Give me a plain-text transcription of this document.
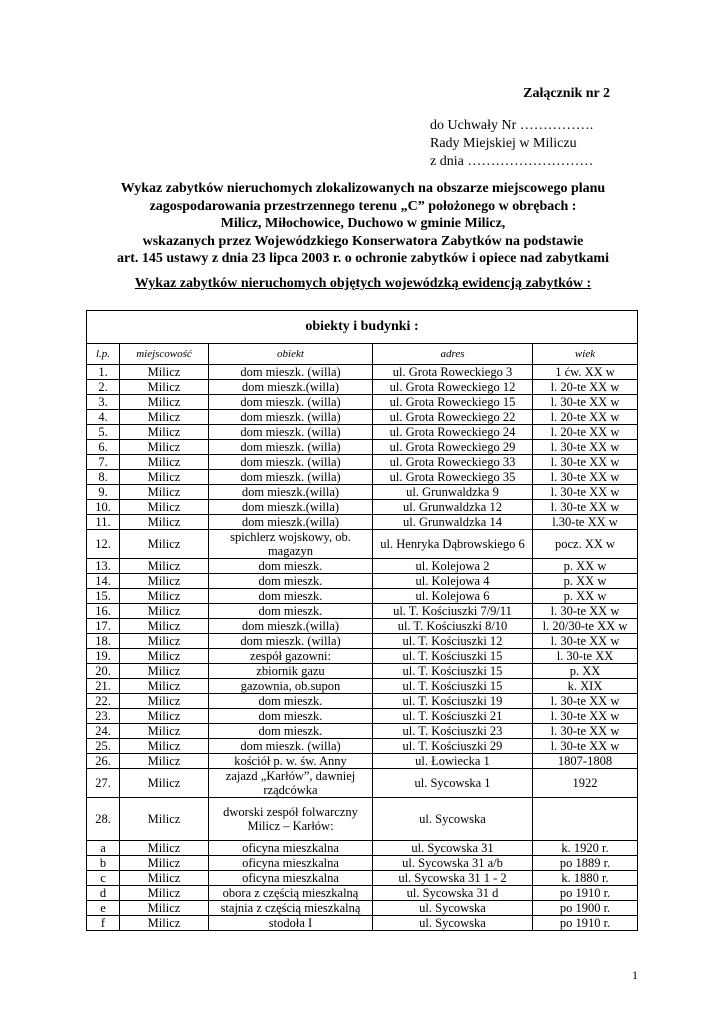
Załącznik nr 2
do Uchwały Nr …………….
Rady Miejskiej w Miliczu
z dnia ………………………
Wykaz zabytków nieruchomych zlokalizowanych na obszarze miejscowego planu
zagospodarowania przestrzennego terenu „C” położonego w obrębach :
Milicz, Miłochowice, Duchowo w gminie Milicz,
wskazanych przez Wojewódzkiego Konserwatora Zabytków na podstawie
art. 145 ustawy z dnia 23 lipca 2003 r. o ochronie zabytków i opiece nad zabytkami
Wykaz zabytków nieruchomych objętych wojewódzką ewidencją zabytków :
obiekty i budynki :				
l.p.	miejscowość	obiekt	adres	wiek
1.	Milicz	dom mieszk. (willa)	ul. Grota Roweckiego 3	1 ćw. XX w
2.	Milicz	dom mieszk.(willa)	ul. Grota Roweckiego 12	l. 20-te XX w
3.	Milicz	dom mieszk. (willa)	ul. Grota Roweckiego 15	l. 30-te XX w
4.	Milicz	dom mieszk. (willa)	ul. Grota Roweckiego 22	l. 20-te XX w
5.	Milicz	dom mieszk. (willa)	ul. Grota Roweckiego 24	l. 20-te XX w
6.	Milicz	dom mieszk. (willa)	ul. Grota Roweckiego 29	l. 30-te XX w
7.	Milicz	dom mieszk. (willa)	ul. Grota Roweckiego 33	l. 30-te XX w
8.	Milicz	dom mieszk. (willa)	ul. Grota Roweckiego 35	l. 30-te XX w
9.	Milicz	dom mieszk.(willa)	ul. Grunwaldzka 9	l. 30-te XX w
10.	Milicz	dom mieszk.(willa)	ul. Grunwaldzka 12	l. 30-te XX w
11.	Milicz	dom mieszk.(willa)	ul. Grunwaldzka 14	l.30-te XX w
12.	Milicz	spichlerz wojskowy, ob. magazyn	ul. Henryka Dąbrowskiego 6	pocz. XX w
13.	Milicz	dom mieszk.	ul. Kolejowa 2	p. XX w
14.	Milicz	dom mieszk.	ul. Kolejowa 4	p. XX w
15.	Milicz	dom mieszk.	ul. Kolejowa 6	p. XX w
16.	Milicz	dom mieszk.	ul. T. Kościuszki 7/9/11	l. 30-te XX w
17.	Milicz	dom mieszk.(willa)	ul. T. Kościuszki 8/10	l. 20/30-te XX w
18.	Milicz	dom mieszk. (willa)	ul. T. Kościuszki 12	l. 30-te XX w
19.	Milicz	zespół gazowni:	ul. T. Kościuszki 15	l. 30-te XX
20.	Milicz	zbiornik gazu	ul. T. Kościuszki 15	p. XX
21.	Milicz	gazownia, ob.supon	ul. T. Kościuszki 15	k. XIX
22.	Milicz	dom mieszk.	ul. T. Kościuszki 19	l. 30-te XX w
23.	Milicz	dom mieszk.	ul. T. Kościuszki 21	l. 30-te XX w
24.	Milicz	dom mieszk.	ul. T. Kościuszki 23	l. 30-te XX w
25.	Milicz	dom mieszk. (willa)	ul. T. Kościuszki 29	l. 30-te XX w
26.	Milicz	kościół p. w. św. Anny	ul. Łowiecka 1	1807-1808
27.	Milicz	zajazd „Karłów”, dawniej rządcówka	ul. Sycowska 1	1922
28.	Milicz	dworski zespół folwarczny Milicz – Karłów:	ul. Sycowska	
a	Milicz	oficyna mieszkalna	ul. Sycowska 31	k. 1920 r.
b	Milicz	oficyna mieszkalna	ul. Sycowska 31 a/b	po 1889 r.
c	Milicz	oficyna mieszkalna	ul. Sycowska 31 1 - 2	k. 1880 r.
d	Milicz	obora z częścią mieszkalną	ul. Sycowska 31 d	po 1910 r.
e	Milicz	stajnia z częścią mieszkalną	ul. Sycowska	po 1900 r.
f	Milicz	stodoła I	ul. Sycowska	po 1910 r.
1
